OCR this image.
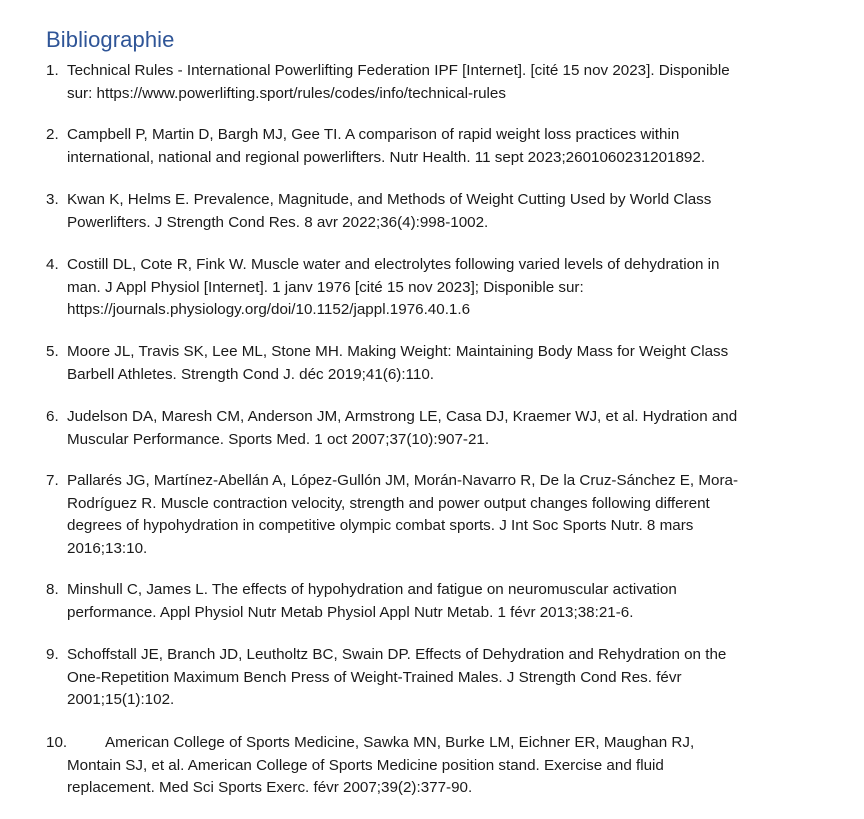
Bibliographie
1. Technical Rules - International Powerlifting Federation IPF [Internet]. [cité 15 nov 2023]. Disponible
sur: https://www.powerlifting.sport/rules/codes/info/technical-rules
2. Campbell P, Martin D, Bargh MJ, Gee TI. A comparison of rapid weight loss practices within
international, national and regional powerlifters. Nutr Health. 11 sept 2023;2601060231201892.
3. Kwan K, Helms E. Prevalence, Magnitude, and Methods of Weight Cutting Used by World Class
Powerlifters. J Strength Cond Res. 8 avr 2022;36(4):998-1002.
4. Costill DL, Cote R, Fink W. Muscle water and electrolytes following varied levels of dehydration in
man. J Appl Physiol [Internet]. 1 janv 1976 [cité 15 nov 2023]; Disponible sur:
https://journals.physiology.org/doi/10.1152/jappl.1976.40.1.6
5. Moore JL, Travis SK, Lee ML, Stone MH. Making Weight: Maintaining Body Mass for Weight Class
Barbell Athletes. Strength Cond J. déc 2019;41(6):110.
6. Judelson DA, Maresh CM, Anderson JM, Armstrong LE, Casa DJ, Kraemer WJ, et al. Hydration and
Muscular Performance. Sports Med. 1 oct 2007;37(10):907-21.
7. Pallarés JG, Martínez-Abellán A, López-Gullón JM, Morán-Navarro R, De la Cruz-Sánchez E, Mora-
Rodríguez R. Muscle contraction velocity, strength and power output changes following different
degrees of hypohydration in competitive olympic combat sports. J Int Soc Sports Nutr. 8 mars
2016;13:10.
8. Minshull C, James L. The effects of hypohydration and fatigue on neuromuscular activation
performance. Appl Physiol Nutr Metab Physiol Appl Nutr Metab. 1 févr 2013;38:21-6.
9. Schoffstall JE, Branch JD, Leutholtz BC, Swain DP. Effects of Dehydration and Rehydration on the
One-Repetition Maximum Bench Press of Weight-Trained Males. J Strength Cond Res. févr
2001;15(1):102.
10.	American College of Sports Medicine, Sawka MN, Burke LM, Eichner ER, Maughan RJ,
Montain SJ, et al. American College of Sports Medicine position stand. Exercise and fluid
replacement. Med Sci Sports Exerc. févr 2007;39(2):377-90.
